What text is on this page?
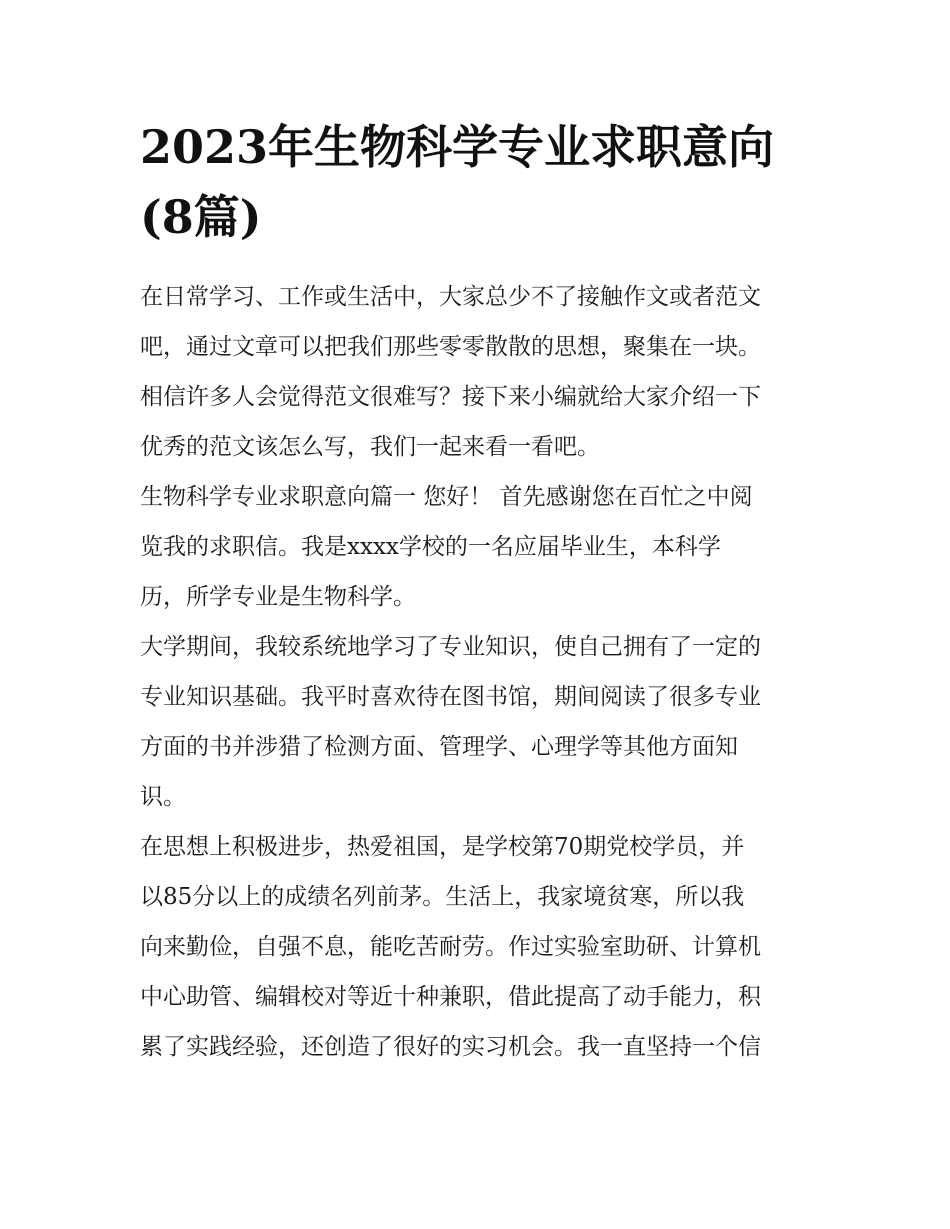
2023年生物科学专业求职意向
(8篇)

在日常学习、工作或生活中，大家总少不了接触作文或者范文
吧，通过文章可以把我们那些零零散散的思想，聚集在一块。
相信许多人会觉得范文很难写？接下来小编就给大家介绍一下
优秀的范文该怎么写，我们一起来看一看吧。

生物科学专业求职意向篇一 您好！ 首先感谢您在百忙之中阅
览我的求职信。我是xxxx学校的一名应届毕业生，本科学
历，所学专业是生物科学。

大学期间，我较系统地学习了专业知识，使自己拥有了一定的
专业知识基础。我平时喜欢待在图书馆，期间阅读了很多专业
方面的书并涉猎了检测方面、管理学、心理学等其他方面知
识。

在思想上积极进步，热爱祖国，是学校第70期党校学员，并
以85分以上的成绩名列前茅。生活上，我家境贫寒，所以我
向来勤俭，自强不息，能吃苦耐劳。作过实验室助研、计算机
中心助管、编辑校对等近十种兼职，借此提高了动手能力，积
累了实践经验，还创造了很好的实习机会。我一直坚持一个信
